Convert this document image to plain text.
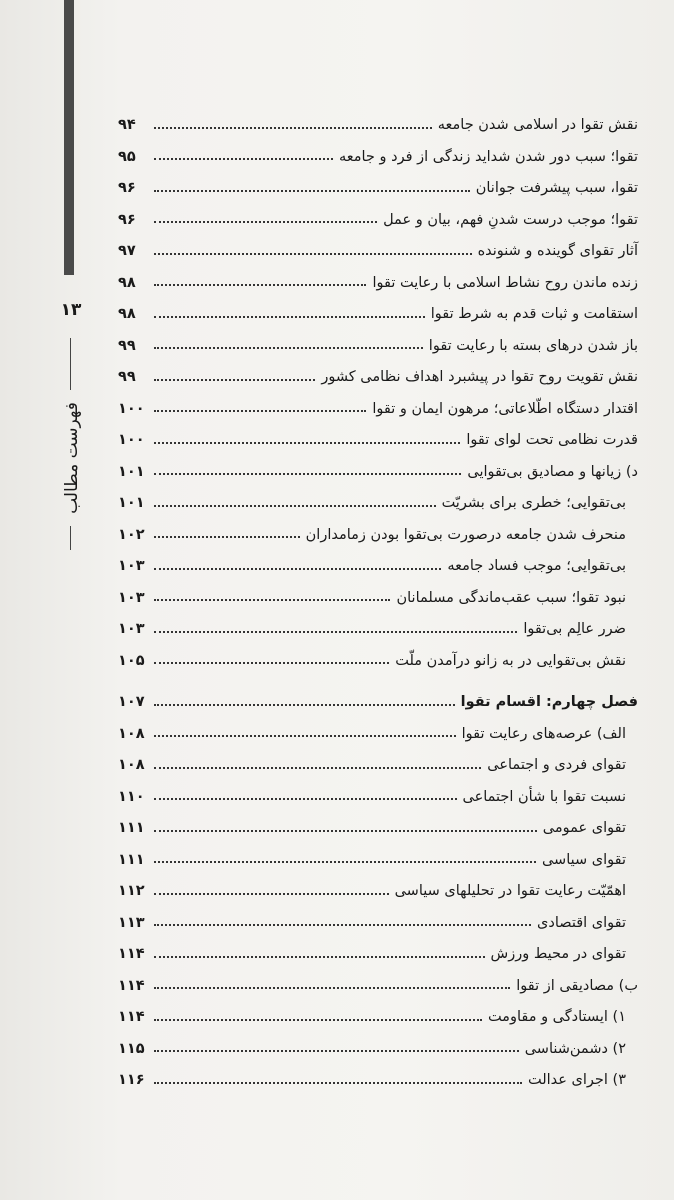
۱۳
فهرست مطالب
نقش تقوا در اسلامی شدن جامعه
۹۴
تقوا؛ سبب دور شدن شداید زندگی از فرد و جامعه
۹۵
تقوا، سبب پیشرفت جوانان
۹۶
تقوا؛ موجب درست شدنِ فهم، بیان و عمل
۹۶
آثار تقوای گوینده و شنونده
۹۷
زنده ماندن روح نشاط اسلامی با رعایت تقوا
۹۸
استقامت و ثبات قدم به شرط تقوا
۹۸
باز شدن درهای بسته با رعایت تقوا
۹۹
نقش تقویت روح تقوا در پیشبرد اهداف نظامی کشور
۹۹
اقتدار دستگاه اطّلاعاتی؛ مرهون ایمان و تقوا
۱۰۰
قدرت نظامی تحت لوای تقوا
۱۰۰
د) زیانها و مصادیق بی‌تقوایی
۱۰۱
بی‌تقوایی؛ خطری برای بشریّت
۱۰۱
منحرف شدن جامعه درصورت بی‌تقوا بودن زمامداران
۱۰۲
بی‌تقوایی؛ موجب فساد جامعه
۱۰۳
نبود تقوا؛ سبب عقب‌ماندگی مسلمانان
۱۰۳
ضرر عالِم بی‌تقوا
۱۰۳
نقش بی‌تقوایی در به زانو درآمدن ملّت
۱۰۵
فصل چهارم: اقسام تقوا
۱۰۷
الف) عرصه‌های رعایت تقوا
۱۰۸
تقوای فردی و اجتماعی
۱۰۸
نسبت تقوا با شأن اجتماعی
۱۱۰
تقوای عمومی
۱۱۱
تقوای سیاسی
۱۱۱
اهمّیّت رعایت تقوا در تحلیلهای سیاسی
۱۱۲
تقوای اقتصادی
۱۱۳
تقوای در محیط ورزش
۱۱۴
ب) مصادیقی از تقوا
۱۱۴
۱) ایستادگی و مقاومت
۱۱۴
۲) دشمن‌شناسی
۱۱۵
۳) اجرای عدالت
۱۱۶
